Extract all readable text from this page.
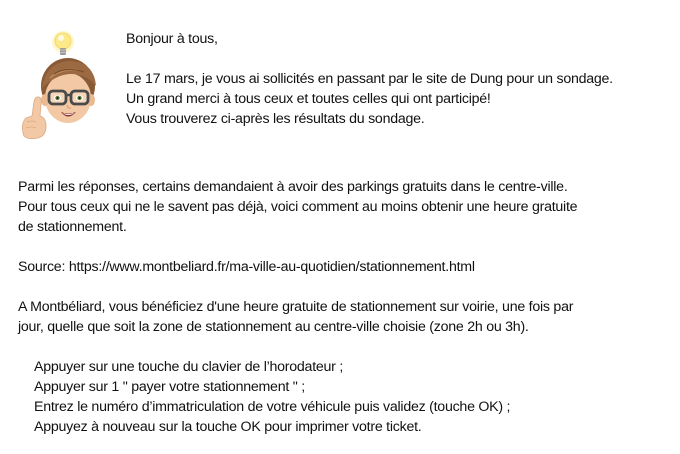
Bonjour à tous,
Le 17 mars, je vous ai sollicités en passant par le site de Dung pour un sondage.
Un grand merci à tous ceux et toutes celles qui ont participé!
Vous trouverez ci-après les résultats du sondage.
Parmi les réponses, certains demandaient à avoir des parkings gratuits dans le centre-ville.
Pour tous ceux qui ne le savent pas déjà, voici comment au moins obtenir une heure gratuite
de stationnement.
Source: https://www.montbeliard.fr/ma-ville-au-quotidien/stationnement.html
A Montbéliard, vous bénéficiez d'une heure gratuite de stationnement sur voirie, une fois par
jour, quelle que soit la zone de stationnement au centre-ville choisie (zone 2h ou 3h).
Appuyer sur une touche du clavier de l’horodateur ;
Appuyer sur 1 " payer votre stationnement " ;
Entrez le numéro d’immatriculation de votre véhicule puis validez (touche OK) ;
Appuyez à nouveau sur la touche OK pour imprimer votre ticket.
